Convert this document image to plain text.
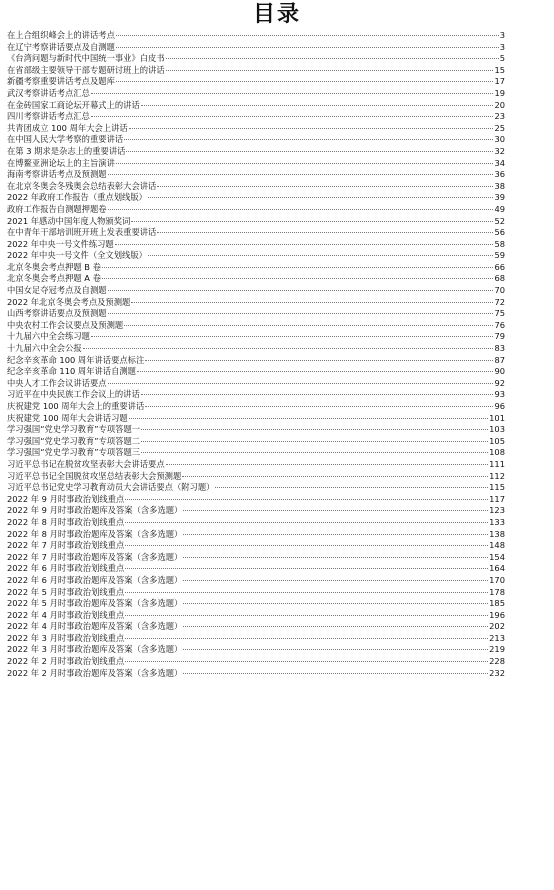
目录
在上合组织峰会上的讲话考点	3
在辽宁考察讲话要点及自测题	3
《台湾问题与新时代中国统一事业》白皮书	5
在省部级主要领导干部专题研讨班上的讲话	15
新疆考察重要讲话考点及题库	17
武汉考察讲话考点汇总	19
在金砖国家工商论坛开幕式上的讲话	20
四川考察讲话考点汇总	23
共青团成立 100 周年大会上讲话	25
在中国人民大学考察的重要讲话	30
在第 3 期求是杂志上的重要讲话	32
在博鳌亚洲论坛上的主旨演讲	34
海南考察讲话考点及预测题	36
在北京冬奥会冬残奥会总结表彰大会讲话	38
2022 年政府工作报告（重点划线版）	39
政府工作报告自测题押题卷	49
2021 年感动中国年度人物颁奖词	52
在中青年干部培训班开班上发表重要讲话	56
2022 年中央一号文件练习题	58
2022 年中央一号文件（全文划线版）	59
北京冬奥会考点押题 B 卷	66
北京冬奥会考点押题 A 卷	68
中国女足夺冠考点及自测题	70
2022 年北京冬奥会考点及预测题	72
山西考察讲话要点及预测题	75
中央农村工作会议要点及预测题	76
十九届六中全会练习题	79
十九届六中全会公报	83
纪念辛亥革命 100 周年讲话要点标注	87
纪念辛亥革命 110 周年讲话自测题	90
中央人才工作会议讲话要点	92
习近平在中央民族工作会议上的讲话	93
庆祝建党 100 周年大会上的重要讲话	96
庆祝建党 100 周年大会讲话习题	101
学习强国“党史学习教育”专项答题一	103
学习强国“党史学习教育”专项答题二	105
学习强国“党史学习教育”专项答题三	108
习近平总书记在脱贫攻坚表彰大会讲话要点	111
习近平总书记全国脱贫攻坚总结表彰大会预测题	112
习近平总书记党史学习教育动员大会讲话要点（附习题）	115
2022 年 9 月时事政治划线重点	117
2022 年 9 月时事政治题库及答案（含多选题）	123
2022 年 8 月时事政治划线重点	133
2022 年 8 月时事政治题库及答案（含多选题）	138
2022 年 7 月时事政治划线重点	148
2022 年 7 月时事政治题库及答案（含多选题）	154
2022 年 6 月时事政治划线重点	164
2022 年 6 月时事政治题库及答案（含多选题）	170
2022 年 5 月时事政治划线重点	178
2022 年 5 月时事政治题库及答案（含多选题）	185
2022 年 4 月时事政治划线重点	196
2022 年 4 月时事政治题库及答案（含多选题）	202
2022 年 3 月时事政治划线重点	213
2022 年 3 月时事政治题库及答案（含多选题）	219
2022 年 2 月时事政治划线重点	228
2022 年 2 月时事政治题库及答案（含多选题）	232
